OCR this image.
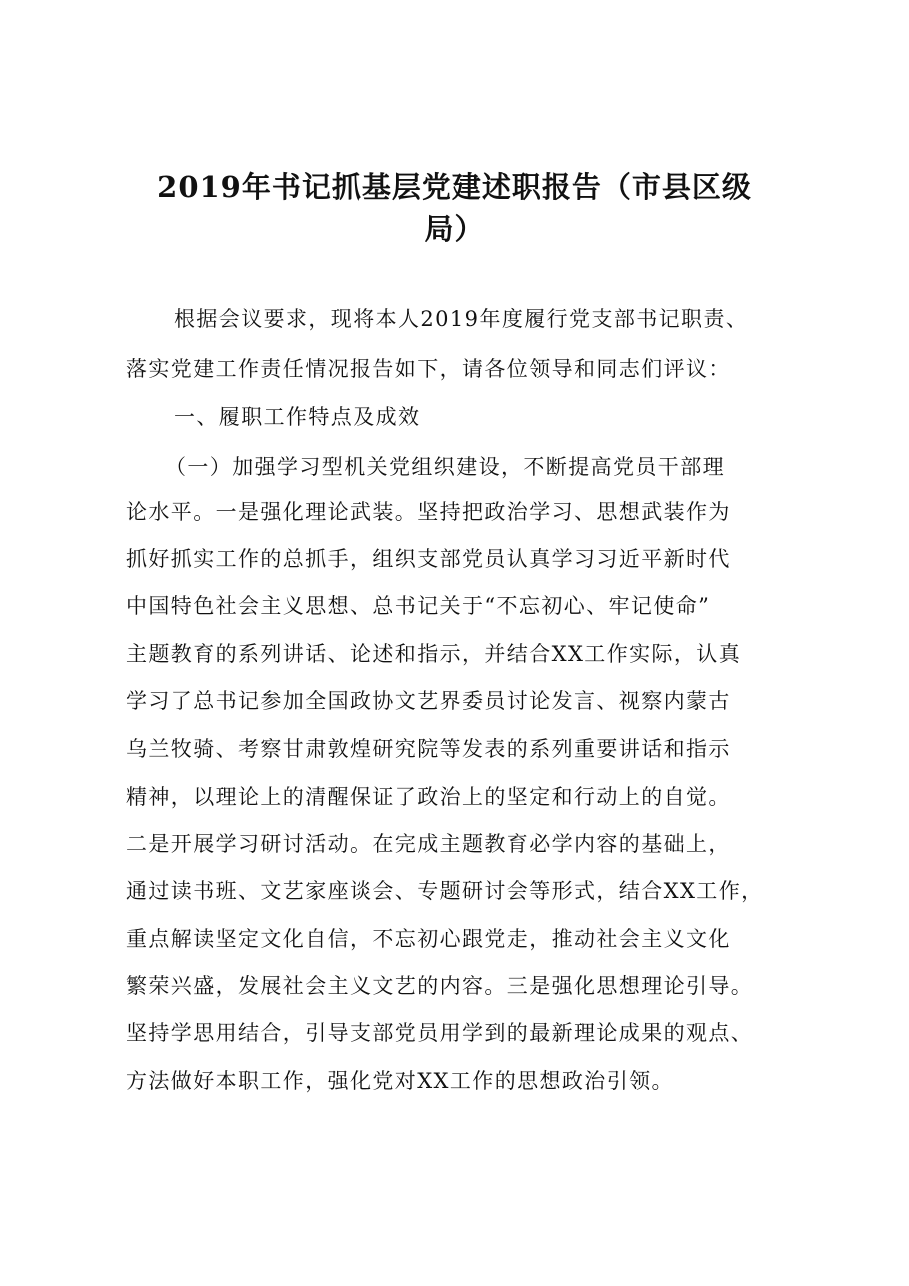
2019年书记抓基层党建述职报告（市县区级
局）
根据会议要求，现将本人2019年度履行党支部书记职责、
落实党建工作责任情况报告如下，请各位领导和同志们评议：
一、履职工作特点及成效
（一）加强学习型机关党组织建设，不断提高党员干部理
论水平。一是强化理论武装。坚持把政治学习、思想武装作为
抓好抓实工作的总抓手，组织支部党员认真学习习近平新时代
中国特色社会主义思想、总书记关于“不忘初心、牢记使命”
主题教育的系列讲话、论述和指示，并结合XX工作实际，认真
学习了总书记参加全国政协文艺界委员讨论发言、视察内蒙古
乌兰牧骑、考察甘肃敦煌研究院等发表的系列重要讲话和指示
精神，以理论上的清醒保证了政治上的坚定和行动上的自觉。
二是开展学习研讨活动。在完成主题教育必学内容的基础上，
通过读书班、文艺家座谈会、专题研讨会等形式，结合XX工作，
重点解读坚定文化自信，不忘初心跟党走，推动社会主义文化
繁荣兴盛，发展社会主义文艺的内容。三是强化思想理论引导。
坚持学思用结合，引导支部党员用学到的最新理论成果的观点、
方法做好本职工作，强化党对XX工作的思想政治引领。
